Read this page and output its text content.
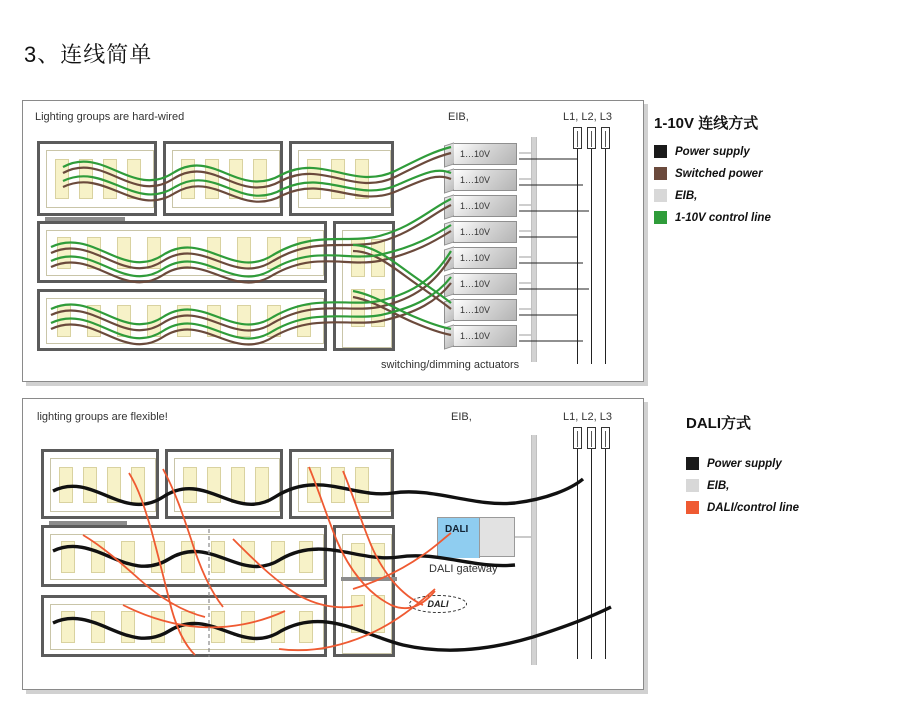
3、连线简单
Lighting groups are hard-wired	EIB,	L1, L2, L3
switching/dimming actuators
1…10V
1…10V
1…10V
1…10V
1…10V
1…10V
1…10V
1…10V
1-10V 连线方式
Power supply
Switched power
EIB,
1-10V control line
lighting groups are flexible!	EIB,	L1, L2, L3
DALI
DALI gateway
DALI
DALI方式
Power supply
EIB,
DALI/control line
